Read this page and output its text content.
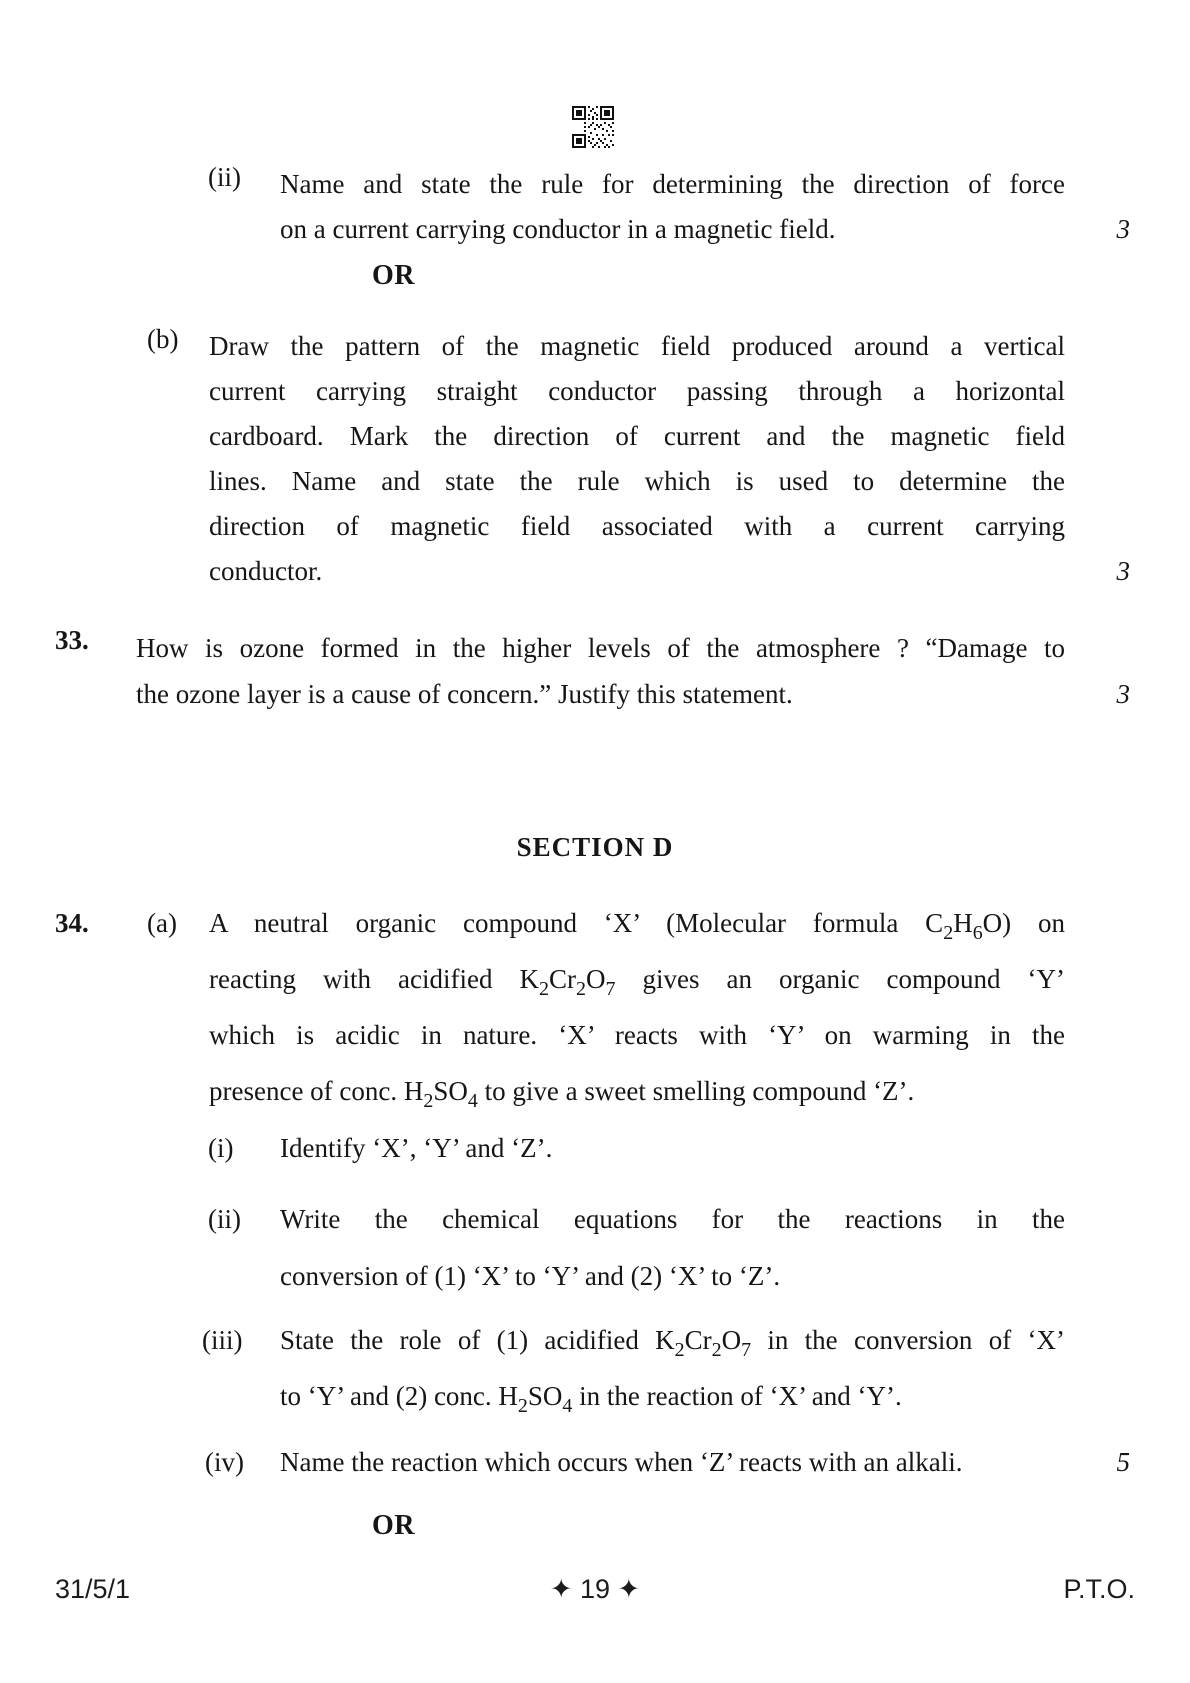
(ii) Name and state the rule for determining the direction of force
on a current carrying conductor in a magnetic field.	3
OR
(b) Draw the pattern of the magnetic field produced around a vertical
current carrying straight conductor passing through a horizontal
cardboard. Mark the direction of current and the magnetic field
lines. Name and state the rule which is used to determine the
direction of magnetic field associated with a current carrying
conductor.	3
33. How is ozone formed in the higher levels of the atmosphere ? “Damage to
the ozone layer is a cause of concern.” Justify this statement.	3
SECTION D
34. (a) A neutral organic compound ‘X’ (Molecular formula $C_2H_6O$) on
reacting with acidified $K_2Cr_2O_7$ gives an organic compound ‘Y’
which is acidic in nature. ‘X’ reacts with ‘Y’ on warming in the
presence of conc. $H_2SO_4$ to give a sweet smelling compound ‘Z’.
(i) Identify ‘X’, ‘Y’ and ‘Z’.
(ii) Write the chemical equations for the reactions in the
conversion of (1) ‘X’ to ‘Y’ and (2) ‘X’ to ‘Z’.
(iii) State the role of (1) acidified $K_2Cr_2O_7$ in the conversion of ‘X’
to ‘Y’ and (2) conc. $H_2SO_4$ in the reaction of ‘X’ and ‘Y’.
(iv) Name the reaction which occurs when ‘Z’ reacts with an alkali.	5
OR
31/5/1	✦ 19 ✦	P.T.O.
